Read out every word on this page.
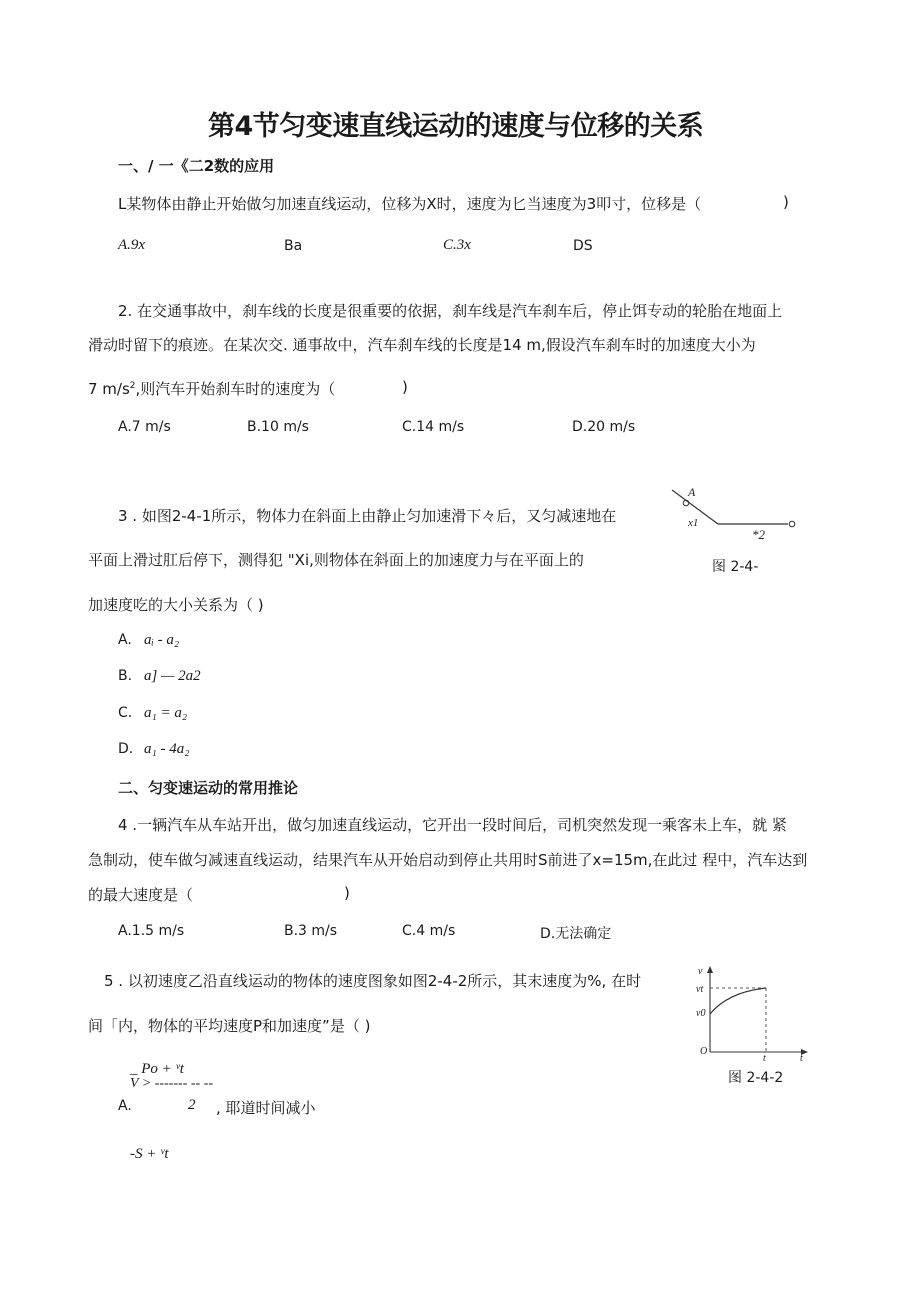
第4节匀变速直线运动的速度与位移的关系
一、/ 一《二2数的应用
L某物体由静止开始做匀加速直线运动，位移为X时，速度为匕当速度为3叩寸，位移是（	)
A.9x	Ba	C.3x	DS
2. 在交通事故中，刹车线的长度是很重要的依据，刹车线是汽车刹车后，停止饵专动的轮胎在地面上
滑动时留下的痕迹。在某次交. 通事故中，汽车刹车线的长度是14 m,假设汽车刹车时的加速度大小为
7 $m/s^2$,则汽车开始刹车时的速度为（	)
A.7 m/s	B.10 m/s	C.14 m/s	D.20 m/s
3 . 如图2-4-1所示，物体力在斜面上由静止匀加速滑下々后，又匀减速地在
平面上滑过肛后停下，测得犯 "Xi,则物体在斜面上的加速度力与在平面上的
加速度吃的大小关系为（ )
A
x1
*2
图 2-4-
A. aᵢ - a₂
B. a] — 2a2
C. a₁ = a₂
D. a₁ - 4a₂
二、匀变速运动的常用推论
4 .一辆汽车从车站开出，做匀加速直线运动，它开出一段时间后，司机突然发现一乘客未上车，就 紧
急制动，使车做匀减速直线运动，结果汽车从开始启动到停止共用时S前进了x=15m,在此过 程中，汽车达到
的最大速度是（	)
A.1.5 m/s	B.3 m/s	C.4 m/s	D.无法确定
5 . 以初速度乙沿直线运动的物体的速度图象如图2-4-2所示，其末速度为%, 在时
间「内，物体的平均速度P和加速度”是（ )
v
vt
v0
O
t	t
图 2-4-2
_ Po + ᵛt
V > ------- -- --
A.	2 , 耶道时间减小
-S + ᵛt
